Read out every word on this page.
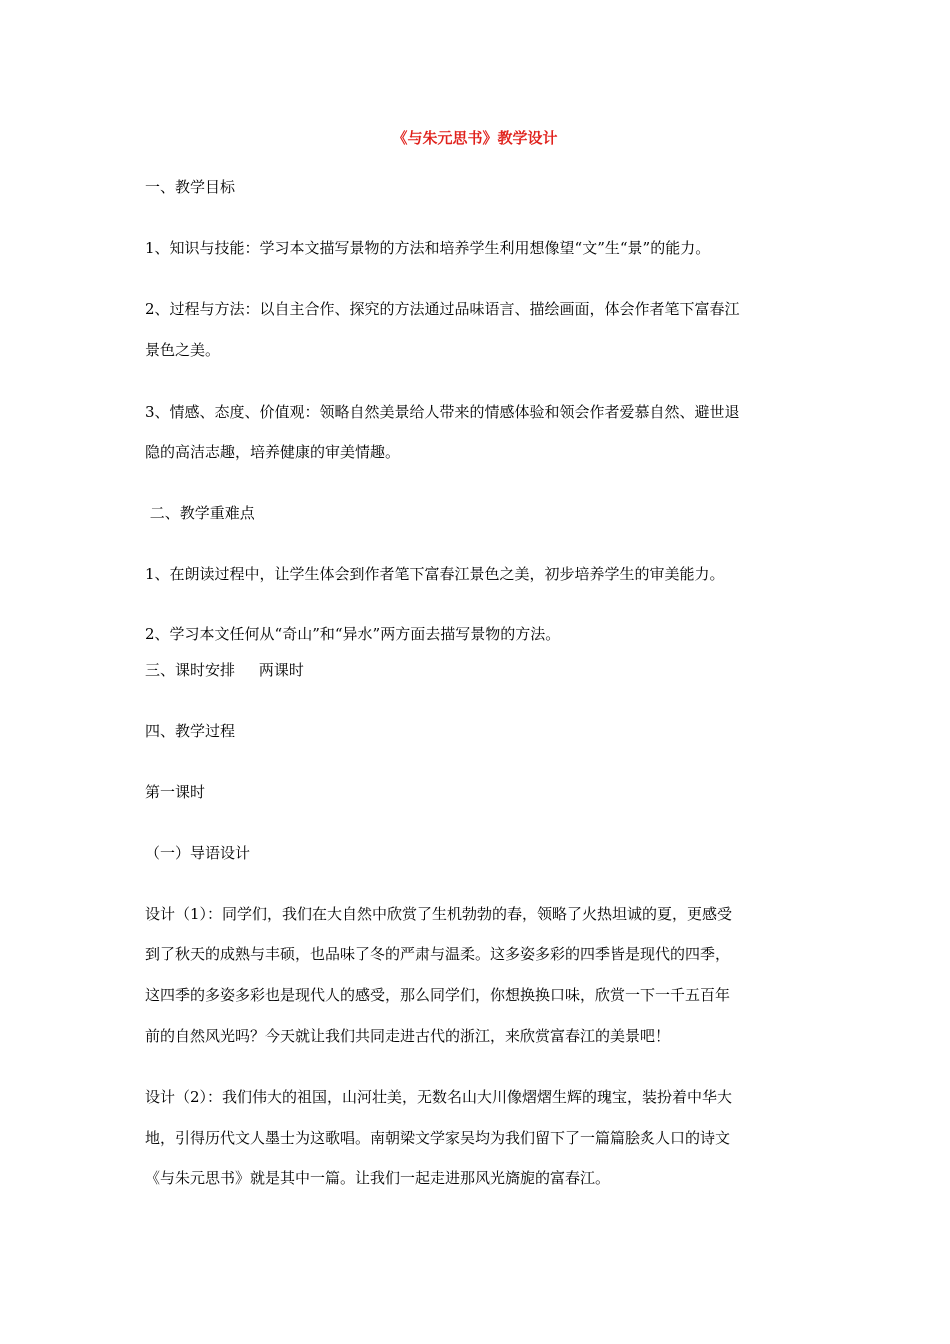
《与朱元思书》教学设计
一、教学目标
1、知识与技能：学习本文描写景物的方法和培养学生利用想像望“文”生“景”的能力。
2、过程与方法：以自主合作、探究的方法通过品味语言、描绘画面，体会作者笔下富春江
景色之美。
3、情感、态度、价值观：领略自然美景给人带来的情感体验和领会作者爱慕自然、避世退
隐的高洁志趣，培养健康的审美情趣。
二、教学重难点
1、在朗读过程中，让学生体会到作者笔下富春江景色之美，初步培养学生的审美能力。
2、学习本文任何从“奇山”和“异水”两方面去描写景物的方法。
三、课时安排     两课时
四、教学过程
第一课时
（一）导语设计
设计（1）：同学们，我们在大自然中欣赏了生机勃勃的春，领略了火热坦诚的夏，更感受
到了秋天的成熟与丰硕，也品味了冬的严肃与温柔。这多姿多彩的四季皆是现代的四季，
这四季的多姿多彩也是现代人的感受，那么同学们，你想换换口味，欣赏一下一千五百年
前的自然风光吗？今天就让我们共同走进古代的浙江，来欣赏富春江的美景吧！
设计（2）：我们伟大的祖国，山河壮美，无数名山大川像熠熠生辉的瑰宝，装扮着中华大
地，引得历代文人墨士为这歌唱。南朝梁文学家吴均为我们留下了一篇篇脍炙人口的诗文
《与朱元思书》就是其中一篇。让我们一起走进那风光旖旎的富春江。
